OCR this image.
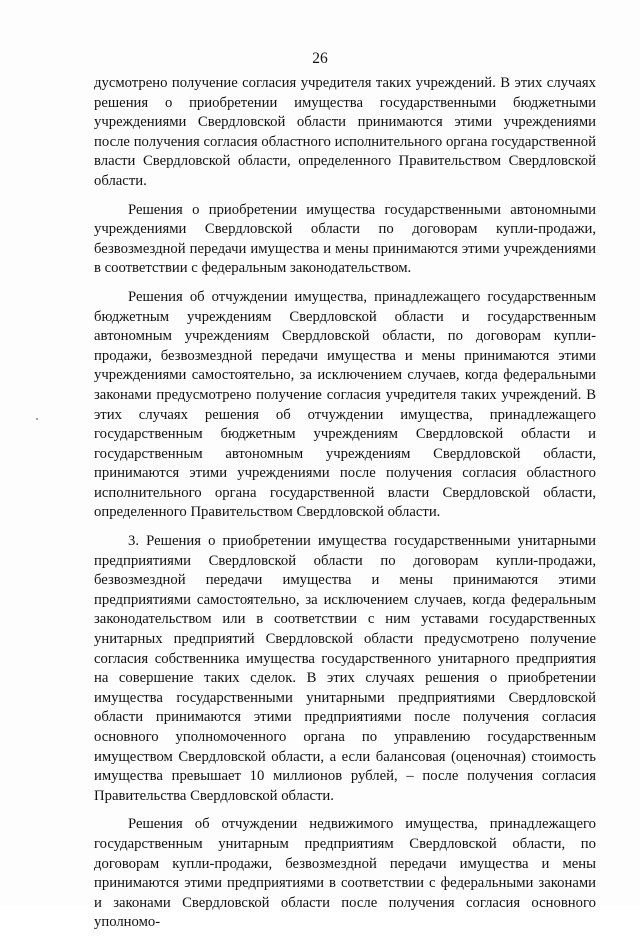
26

дусмотрено получение согласия учредителя таких учреждений. В этих случаях решения о приобретении имущества государственными бюджетными учреждениями Свердловской области принимаются этими учреждениями после получения согласия областного исполнительного органа государственной власти Свердловской области, определенного Правительством Свердловской области.

Решения о приобретении имущества государственными автономными учреждениями Свердловской области по договорам купли-продажи, безвозмездной передачи имущества и мены принимаются этими учреждениями в соответствии с федеральным законодательством.

Решения об отчуждении имущества, принадлежащего государственным бюджетным учреждениям Свердловской области и государственным автономным учреждениям Свердловской области, по договорам купли-продажи, безвозмездной передачи имущества и мены принимаются этими учреждениями самостоятельно, за исключением случаев, когда федеральными законами предусмотрено получение согласия учредителя таких учреждений. В этих случаях решения об отчуждении имущества, принадлежащего государственным бюджетным учреждениям Свердловской области и государственным автономным учреждениям Свердловской области, принимаются этими учреждениями после получения согласия областного исполнительного органа государственной власти Свердловской области, определенного Правительством Свердловской области.

3. Решения о приобретении имущества государственными унитарными предприятиями Свердловской области по договорам купли-продажи, безвозмездной передачи имущества и мены принимаются этими предприятиями самостоятельно, за исключением случаев, когда федеральным законодательством или в соответствии с ним уставами государственных унитарных предприятий Свердловской области предусмотрено получение согласия собственника имущества государственного унитарного предприятия на совершение таких сделок. В этих случаях решения о приобретении имущества государственными унитарными предприятиями Свердловской области принимаются этими предприятиями после получения согласия основного уполномоченного органа по управлению государственным имуществом Свердловской области, а если балансовая (оценочная) стоимость имущества превышает 10 миллионов рублей, – после получения согласия Правительства Свердловской области.

Решения об отчуждении недвижимого имущества, принадлежащего государственным унитарным предприятиям Свердловской области, по договорам купли-продажи, безвозмездной передачи имущества и мены принимаются этими предприятиями в соответствии с федеральными законами и законами Свердловской области после получения согласия основного уполномо-
